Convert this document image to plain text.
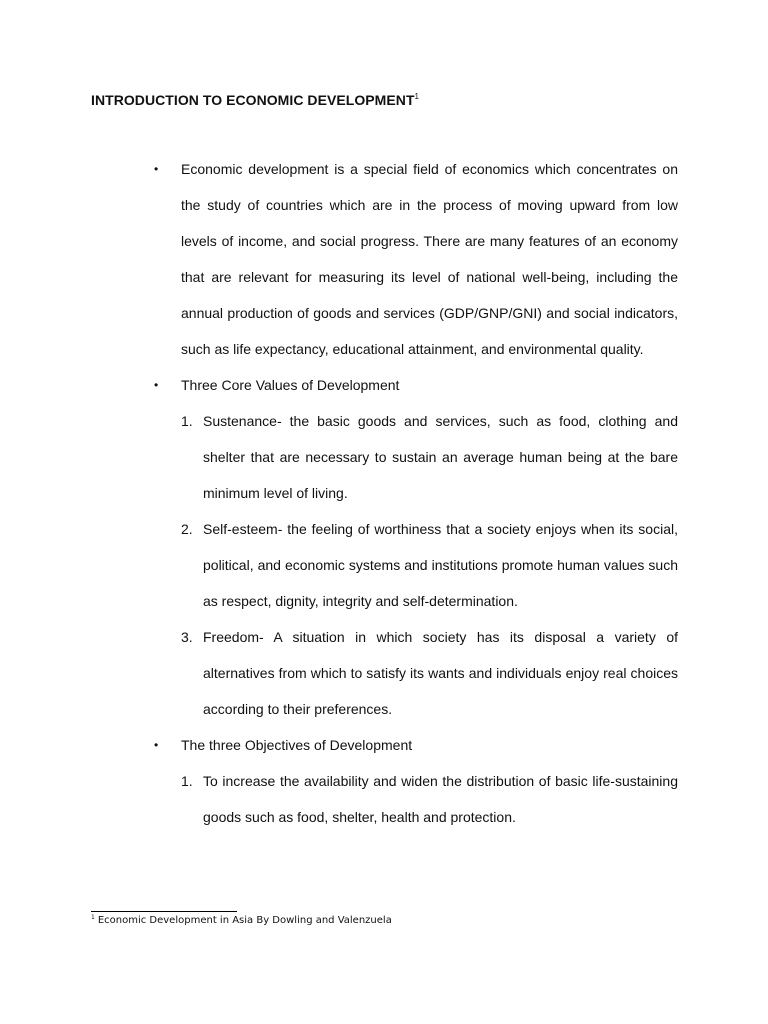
INTRODUCTION TO ECONOMIC DEVELOPMENT$^1$
• Economic development is a special field of economics which concentrates on the study of countries which are in the process of moving upward from low levels of income, and social progress. There are many features of an economy that are relevant for measuring its level of national well-being, including the annual production of goods and services (GDP/GNP/GNI) and social indicators, such as life expectancy, educational attainment, and environmental quality.

• Three Core Values of Development

1. Sustenance- the basic goods and services, such as food, clothing and shelter that are necessary to sustain an average human being at the bare minimum level of living.

2. Self-esteem- the feeling of worthiness that a society enjoys when its social, political, and economic systems and institutions promote human values such as respect, dignity, integrity and self-determination.

3. Freedom- A situation in which society has its disposal a variety of alternatives from which to satisfy its wants and individuals enjoy real choices according to their preferences.

• The three Objectives of Development

1. To increase the availability and widen the distribution of basic life-sustaining goods such as food, shelter, health and protection.

$^1$ Economic Development in Asia By Dowling and Valenzuela
